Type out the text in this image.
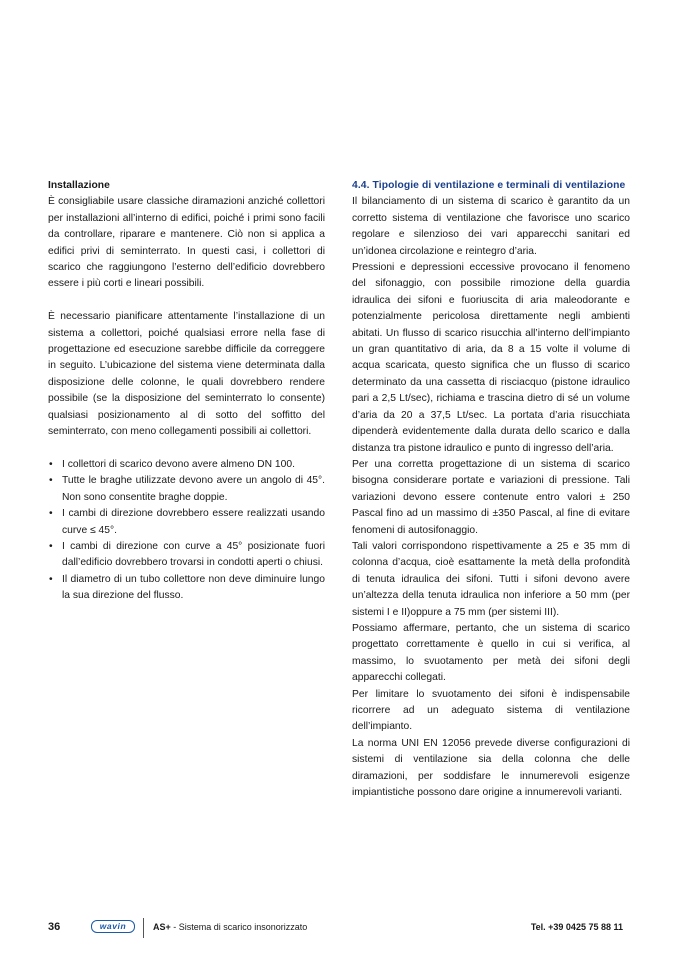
Installazione

È consigliabile usare classiche diramazioni anziché collettori per installazioni all’interno di edifici, poiché i primi sono facili da controllare, riparare e mantenere. Ciò non si applica a edifici privi di seminterrato. In questi casi, i collettori di scarico che raggiungono l’esterno dell’edificio dovrebbero essere i più corti e lineari possibili.

È necessario pianificare attentamente l’installazione di un sistema a collettori, poiché qualsiasi errore nella fase di progettazione ed esecuzione sarebbe difficile da correggere in seguito. L’ubicazione del sistema viene determinata dalla disposizione delle colonne, le quali dovrebbero rendere possibile (se la disposizione del seminterrato lo consente) qualsiasi posizionamento al di sotto del soffitto del seminterrato, con meno collegamenti possibili ai collettori.

• I collettori di scarico devono avere almeno DN 100.
• Tutte le braghe utilizzate devono avere un angolo di 45°. Non sono consentite braghe doppie.
• I cambi di direzione dovrebbero essere realizzati usando curve ≤ 45°.
• I cambi di direzione con curve a 45° posizionate fuori dall’edificio dovrebbero trovarsi in condotti aperti o chiusi.
• Il diametro di un tubo collettore non deve diminuire lungo la sua direzione del flusso.
4.4. Tipologie di ventilazione e terminali di ventilazione

Il bilanciamento di un sistema di scarico è garantito da un corretto sistema di ventilazione che favorisce uno scarico regolare e silenzioso dei vari apparecchi sanitari ed un’idonea circolazione e reintegro d’aria.

Pressioni e depressioni eccessive provocano il fenomeno del sifonaggio, con possibile rimozione della guardia idraulica dei sifoni e fuoriuscita di aria maleodorante e potenzialmente pericolosa direttamente negli ambienti abitati. Un flusso di scarico risucchia all’interno dell’impianto un gran quantitativo di aria, da 8 a 15 volte il volume di acqua scaricata, questo significa che un flusso di scarico determinato da una cassetta di risciacquo (pistone idraulico pari a 2,5 Lt/sec), richiama e trascina dietro di sé un volume d’aria da 20 a 37,5 Lt/sec. La portata d’aria risucchiata dipenderà evidentemente dalla durata dello scarico e dalla distanza tra pistone idraulico e punto di ingresso dell’aria.

Per una corretta progettazione di un sistema di scarico bisogna considerare portate e variazioni di pressione. Tali variazioni devono essere contenute entro valori ± 250 Pascal fino ad un massimo di ±350 Pascal, al fine di evitare fenomeni di autosifonaggio.

Tali valori corrispondono rispettivamente a 25 e 35 mm di colonna d’acqua, cioè esattamente la metà della profondità di tenuta idraulica dei sifoni. Tutti i sifoni devono avere un’altezza della tenuta idraulica non inferiore a 50 mm (per sistemi I e II)oppure a 75 mm (per sistemi III).

Possiamo affermare, pertanto, che un sistema di scarico progettato correttamente è quello in cui si verifica, al massimo, lo svuotamento per metà dei sifoni degli apparecchi collegati.

Per limitare lo svuotamento dei sifoni è indispensabile ricorrere ad un adeguato sistema di ventilazione dell’impianto.

La norma UNI EN 12056 prevede diverse configurazioni di sistemi di ventilazione sia della colonna che delle diramazioni, per soddisfare le innumerevoli esigenze impiantistiche possono dare origine a innumerevoli varianti.

36	wavin	AS+ - Sistema di scarico insonorizzato	Tel. +39 0425 75 88 11
